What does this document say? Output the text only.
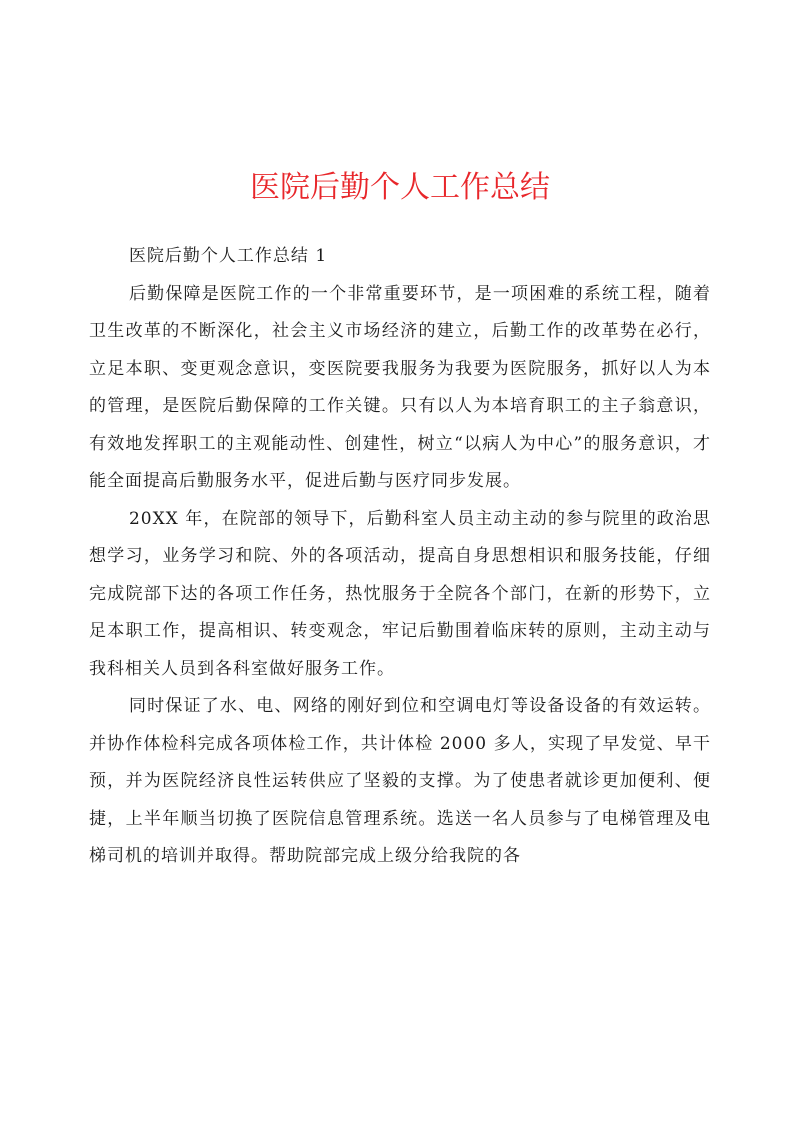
医院后勤个人工作总结

医院后勤个人工作总结 1

后勤保障是医院工作的一个非常重要环节，是一项困难的系统工程，随着卫生改革的不断深化，社会主义市场经济的建立，后勤工作的改革势在必行，立足本职、变更观念意识，变医院要我服务为我要为医院服务，抓好以人为本的管理，是医院后勤保障的工作关键。只有以人为本培育职工的主子翁意识，有效地发挥职工的主观能动性、创建性，树立“以病人为中心”的服务意识，才能全面提高后勤服务水平，促进后勤与医疗同步发展。

20XX 年，在院部的领导下，后勤科室人员主动主动的参与院里的政治思想学习，业务学习和院、外的各项活动，提高自身思想相识和服务技能，仔细完成院部下达的各项工作任务，热忱服务于全院各个部门，在新的形势下，立足本职工作，提高相识、转变观念，牢记后勤围着临床转的原则，主动主动与我科相关人员到各科室做好服务工作。

同时保证了水、电、网络的刚好到位和空调电灯等设备设备的有效运转。并协作体检科完成各项体检工作，共计体检 2000 多人，实现了早发觉、早干预，并为医院经济良性运转供应了坚毅的支撑。为了使患者就诊更加便利、便捷，上半年顺当切换了医院信息管理系统。选送一名人员参与了电梯管理及电梯司机的培训并取得。帮助院部完成上级分给我院的各
